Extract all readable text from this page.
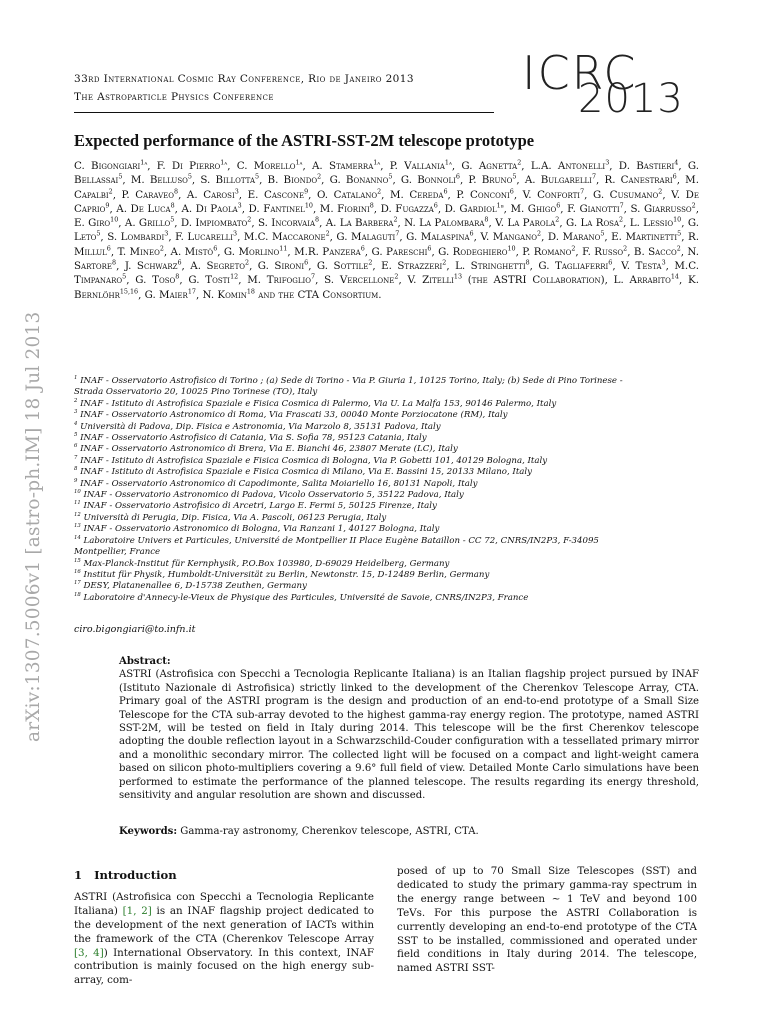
arXiv:1307.5006v1 [astro-ph.IM] 18 Jul 2013
33rd International Cosmic Ray Conference, Rio de Janeiro 2013
The Astroparticle Physics Conference	ICRC
2013
Expected performance of the ASTRI-SST-2M telescope prototype
C. Bigongiari$^{1a}$, F. Di Pierro$^{1a}$, C. Morello$^{1a}$, A. Stamerra$^{1a}$, P. Vallania$^{1a}$, G. Agnetta$^2$, L.A. Antonelli$^3$, D. Bastieri$^4$, G. Bellassai$^5$, M. Belluso$^5$, S. Billotta$^5$, B. Biondo$^2$, G. Bonanno$^5$, G. Bonnoli$^6$, P. Bruno$^5$, A. Bulgarelli$^7$, R. Canestrari$^6$, M. Capalbi$^2$, P. Caraveo$^8$, A. Carosi$^3$, E. Cascone$^9$, O. Catalano$^2$, M. Cereda$^6$, P. Conconi$^6$, V. Conforti$^7$, G. Cusumano$^2$, V. De Caprio$^9$, A. De Luca$^8$, A. Di Paola$^3$, D. Fantinel$^{10}$, M. Fiorini$^8$, D. Fugazza$^6$, D. Gardiol$^{1b}$, M. Ghigo$^6$, F. Gianotti$^7$, S. Giarrusso$^2$, E. Giro$^{10}$, A. Grillo$^5$, D. Impiombato$^2$, S. Incorvaia$^8$, A. La Barbera$^2$, N. La Palombara$^8$, V. La Parola$^2$, G. La Rosa$^2$, L. Lessio$^{10}$, G. Leto$^5$, S. Lombardi$^3$, F. Lucarelli$^3$, M.C. Maccarone$^2$, G. Malaguti$^7$, G. Malaspina$^6$, V. Mangano$^2$, D. Marano$^5$, E. Martinetti$^5$, R. Millul$^6$, T. Mineo$^2$, A. Mistò$^6$, G. Morlino$^{11}$, M.R. Panzera$^6$, G. Pareschi$^6$, G. Rodeghiero$^{10}$, P. Romano$^2$, F. Russo$^2$, B. Sacco$^2$, N. Sartore$^8$, J. Schwarz$^6$, A. Segreto$^2$, G. Sironi$^6$, G. Sottile$^2$, E. Strazzeri$^2$, L. Stringhetti$^8$, G. Tagliaferri$^6$, V. Testa$^3$, M.C. Timpanaro$^5$, G. Toso$^8$, G. Tosti$^{12}$, M. Trifoglio$^7$, S. Vercellone$^2$, V. Zitelli$^{13}$ (the ASTRI Collaboration), L. Arrabito$^{14}$, K. Bernlöhr$^{15,16}$, G. Maier$^{17}$, N. Komin$^{18}$ and the CTA Consortium.
$^1$ INAF - Osservatorio Astrofisico di Torino ; (a) Sede di Torino - Via P. Giuria 1, 10125 Torino, Italy; (b) Sede di Pino Torinese -
Strada Osservatorio 20, 10025 Pino Torinese (TO), Italy
$^2$ INAF - Istituto di Astrofisica Spaziale e Fisica Cosmica di Palermo, Via U. La Malfa 153, 90146 Palermo, Italy
$^3$ INAF - Osservatorio Astronomico di Roma, Via Frascati 33, 00040 Monte Porziocatone (RM), Italy
$^4$ Università di Padova, Dip. Fisica e Astronomia, Via Marzolo 8, 35131 Padova, Italy
$^5$ INAF - Osservatorio Astrofisico di Catania, Via S. Sofia 78, 95123 Catania, Italy
$^6$ INAF - Osservatorio Astronomico di Brera, Via E. Bianchi 46, 23807 Merate (LC), Italy
$^7$ INAF - Istituto di Astrofisica Spaziale e Fisica Cosmica di Bologna, Via P. Gobetti 101, 40129 Bologna, Italy
$^8$ INAF - Istituto di Astrofisica Spaziale e Fisica Cosmica di Milano, Via E. Bassini 15, 20133 Milano, Italy
$^9$ INAF - Osservatorio Astronomico di Capodimonte, Salita Moiariello 16, 80131 Napoli, Italy
$^{10}$ INAF - Osservatorio Astronomico di Padova, Vicolo Osservatorio 5, 35122 Padova, Italy
$^{11}$ INAF - Osservatorio Astrofisico di Arcetri, Largo E. Fermi 5, 50125 Firenze, Italy
$^{12}$ Università di Perugia, Dip. Fisica, Via A. Pascoli, 06123 Perugia, Italy
$^{13}$ INAF - Osservatorio Astronomico di Bologna, Via Ranzani 1, 40127 Bologna, Italy
$^{14}$ Laboratoire Univers et Particules, Université de Montpellier II Place Eugène Bataillon - CC 72, CNRS/IN2P3, F-34095
Montpellier, France
$^{15}$ Max-Planck-Institut für Kernphysik, P.O.Box 103980, D-69029 Heidelberg, Germany
$^{16}$ Institut für Physik, Humboldt-Universität zu Berlin, Newtonstr. 15, D-12489 Berlin, Germany
$^{17}$ DESY, Platanenallee 6, D-15738 Zeuthen, Germany
$^{18}$ Laboratoire d'Annecy-le-Vieux de Physique des Particules, Université de Savoie, CNRS/IN2P3, France
ciro.bigongiari@to.infn.it
Abstract:
ASTRI (Astrofisica con Specchi a Tecnologia Replicante Italiana) is an Italian flagship project pursued by INAF (Istituto Nazionale di Astrofisica) strictly linked to the development of the Cherenkov Telescope Array, CTA. Primary goal of the ASTRI program is the design and production of an end-to-end prototype of a Small Size Telescope for the CTA sub-array devoted to the highest gamma-ray energy region. The prototype, named ASTRI SST-2M, will be tested on field in Italy during 2014. This telescope will be the first Cherenkov telescope adopting the double reflection layout in a Schwarzschild-Couder configuration with a tessellated primary mirror and a monolithic secondary mirror. The collected light will be focused on a compact and light-weight camera based on silicon photo-multipliers covering a 9.6° full field of view. Detailed Monte Carlo simulations have been performed to estimate the performance of the planned telescope. The results regarding its energy threshold, sensitivity and angular resolution are shown and discussed.
Keywords: Gamma-ray astronomy, Cherenkov telescope, ASTRI, CTA.
1 Introduction
ASTRI (Astrofisica con Specchi a Tecnologia Replicante Italiana) [1, 2] is an INAF flagship project dedicated to the development of the next generation of IACTs within the framework of the CTA (Cherenkov Telescope Array [3, 4]) International Observatory. In this context, INAF contribution is mainly focused on the high energy sub-array, com-
posed of up to 70 Small Size Telescopes (SST) and dedicated to study the primary gamma-ray spectrum in the energy range between ∼ 1 TeV and beyond 100 TeVs. For this purpose the ASTRI Collaboration is currently developing an end-to-end prototype of the CTA SST to be installed, commissioned and operated under field conditions in Italy during 2014. The telescope, named ASTRI SST-
